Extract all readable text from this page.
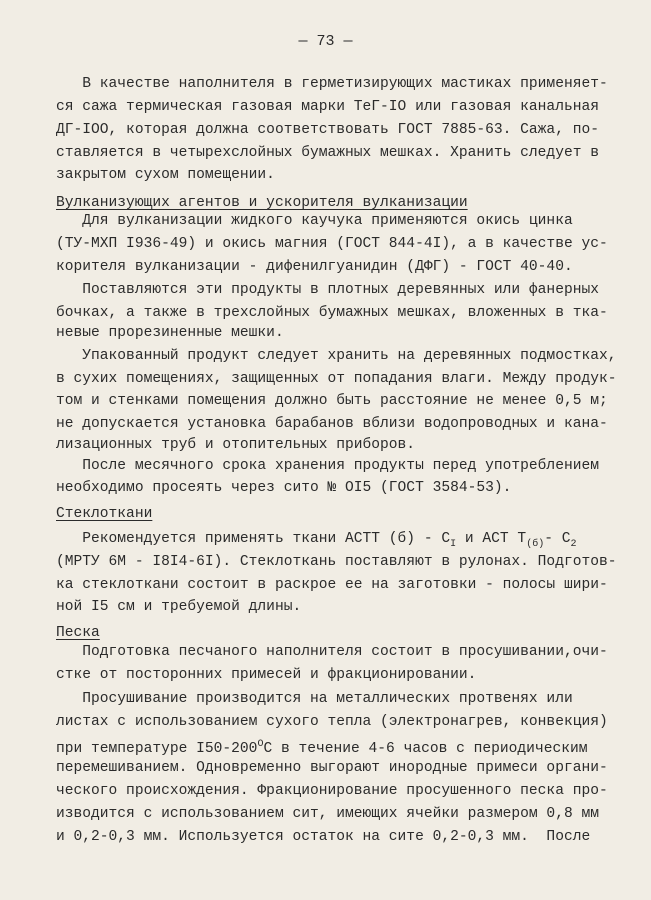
— 73 —
В качестве наполнителя в герметизирующих мастиках применяет-
ся сажа термическая газовая марки ТеГ-IO или газовая канальная
ДГ-IOO, которая должна соответствовать ГОСТ 7885-63. Сажа, по-
ставляется в четырехслойных бумажных мешках. Хранить следует в
закрытом сухом помещении.
Вулканизующих агентов и ускорителя вулканизации
Для вулканизации жидкого каучука применяются окись цинка
(ТУ-МХП I936-49) и окись магния (ГОСТ 844-4I), а в качестве ус-
корителя вулканизации - дифенилгуанидин (ДФГ) - ГОСТ 40-40.
Поставляются эти продукты в плотных деревянных или фанерных
бочках, а также в трехслойных бумажных мешках, вложенных в тка-
невые прорезиненные мешки.
Упакованный продукт следует хранить на деревянных подмостках,
в сухих помещениях, защищенных от попадания влаги. Между продук-
том и стенками помещения должно быть расстояние не менее 0,5 м;
не допускается установка барабанов вблизи водопроводных и кана-
лизационных труб и отопительных приборов.
После месячного срока хранения продукты перед употреблением
необходимо просеять через сито № OI5 (ГОСТ 3584-53).
Стеклоткани
Рекомендуется применять ткани АСТТ $(б) - С_I$ и АСТ $Т_{(б)}-$ $С_2$
(МРТУ 6М - I8I4-6I). Стеклоткань поставляют в рулонах. Подготов-
ка стеклоткани состоит в раскрое ее на заготовки - полосы шири-
ной I5 см и требуемой длины.
Песка
Подготовка песчаного наполнителя состоит в просушивании,очи-
стке от посторонних примесей и фракционировании.
Просушивание производится на металлических протвенях или
листах с использованием сухого тепла (электронагрев, конвекция)
при температуре $I50-200^ОС$ в течение 4-6 часов с периодическим
перемешиванием. Одновременно выгорают инородные примеси органи-
ческого происхождения. Фракционирование просушенного песка про-
изводится с использованием сит, имеющих ячейки размером 0,8 мм
и 0,2-0,3 мм. Используется остаток на сите 0,2-0,3 мм.  После
